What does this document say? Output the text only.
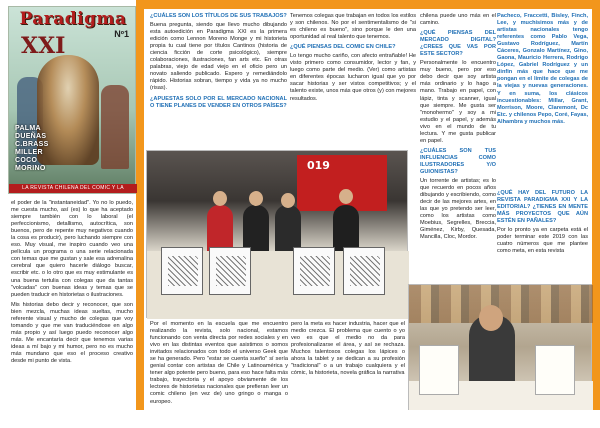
Paradigma
XXI	Nº1
PALMA
DUEÑAS
C.BRASS
MILLER
COCO
MORINO
LA REVISTA CHILENA DEL COMIC Y LA ILUSTRACION
¿CUÁLES SON LOS TÍTULOS DE SUS TRABAJOS?

Buena pregunta, siendo que llevo mucho dibujando esta autoedición en Paradigma XXI es la primera edición como Lennon Moreno Monge y mi historieta propia tu cual tiene por títulos Cantinos (historia de ciencia ficción de corte psicológico), siempre colaboraciones, ilustraciones, fan arts etc. En otras palabras, viejo de edad viejo en el oficio pero un novato saliendo publicado. Espero y remediándolo rápido. Historias sobran, tiempo y vida ya no mucho (risas).

¿APUESTAS SOLO POR EL MERCADO NACIONAL O TIENE PLANES DE VENDER EN OTROS PAÍSES?

Tenemos colegas que trabajan en todos los estilos y son chilenos. No por el sentimentalismo de "si es chileno es bueno", sino porque le den una oportunidad al real talento que tenemos.

¿QUÉ PIENSAS DEL COMIC EN CHILE?

Lo tengo mucho cariño, con afecto entrañable! He visto primero como consumidor, lector y fan, y luego como parte del medio. (Ver) como artistas en diferentes épocas lucharon igual que yo por sacar historias y ser vistos competitivos; y el talento existe, unos más que otros (y) con mejores resultados.

chilena puede uno más en el camino.

¿QUÉ PIENSAS DEL MERCADO DIGITAL? ¿CREES QUE VAS POR ESTE SECTOR?

Personalmente lo encuentro muy bueno, pero por eso debo decir que soy artista más ordinario y lo hago a mano. Trabajo en papel, con lápiz, tinta y scanner, igual que siempre. Me gusta ser "monohermo" y soy a mi estudio y el papel, y además vivo en el mundo de tu lectura. Y me gusta publicar en papel.

¿CUÁLES SON TUS INFLUENCIAS COMO ILUSTRADORES Y/O GUIONISTAS?

Un torrente de artistas; es lo que recuerdo en pocos años dibujando y escribiendo, como decir de las mejores artes, en las que yo pretendo ser leer, como los artistas como Moebius, Segrelles, Breccia, Giménez, Kirby, Quesada, Mancilla, Cloc, Mordor.

Pacheco, Fraccetti, Bisley, Finch, Lee, y muchísimos más y de artistas nacionales tengo referentes como Pablo Vega, Gustavo Rodríguez, Martín Cáceres, Gonzalo Martínez, Gino, Gaona, Mauricio Herrera, Rodrigo López, Gabriel Rodríguez y un dinfin más que hace que me pongan en el límite de colegas de la viejas y nuevas generaciones. Y en suma, los clásicos incuestionables: Millar, Grant, Morrison, Moore, Claremont, Dc Etc. y chilenos Pepo, Coré, Fayas, Alhambra y muchos más.

¿QUÉ HAY DEL FUTURO LA REVISTA PARADIGMA XXI Y LA EDITORIAL? ¿TIENES EN MENTE MÁS PROYECTOS QUE AÚN ESTÉN EN PAÑALES?

Por lo pronto ya en carpeta está el poder terminar este 2019 con las cuatro números que me plantee como meta, en esta revista

el poder de la "instantaneidad". Yo no lo puedo, me cuesta mucho, así (es) lo que ha aceptado siempre también con lo laboral (el perfeccionismo, detallismo, autocrítica, son buenos, pero de repente muy negativos cuando la cosa es producir), pero luchando siempre con eso. Muy visual, me inspiro cuando veo una película un programa o una serie relacionada con temas que me gustan y sale esa adrenalina cerebral que quiero hacerle diálogo buscar, escribir etc. o lo otro que es muy estimulante es una buena tertulia con colegas que da tantas "volcadas" con buenas ideas y temas que se pueden traducir en historietas o ilustraciones.

Mis historias debo decir y reconocer, que son bien mezcla, muchas ideas sueltas, mucho referente visual y mucho de colegas que voy tomando y que me van traduciéndose en algo más propio y así luego puedo reconocer algo más. Me encantaría decir que tenemos varias ideas a mí bajo y mi humor, pero no es mucho más mundano que eso el proceso creativo desde mi punto de vista.

019

Por el momento en la escuela que me encuentro realizando la revista, solo nacional, estamos funcionando con venta directa por redes sociales y en vivo en las distintas eventos que asistimos o somos invitados relacionados con todo el universo Geek que se ha generado. Pero "estar se cuenta sueño" sí sería genial contar con artistas de Chile y Latinoamérica y tener algo potente pero bueno, para eso hace falta más trabajo, trayectoria y el apoyo obviamente de los lectores de historietas nacionales que prefieran leer un comic chileno (en vez de) uno gringo o manga o europeo.

pero la meta es hacer industria, hacer que el medio crezca. El problema que cuento o yo veo es que el medio no da para profesionalizarse el área, y así se rechaza. Muchos talentosos colegas los lápices o ahora la tablet y se dedican a su profesión "tradicional" o a un trabajo cualquiera y el cómic, la historieta, novela gráfica la narrativa
